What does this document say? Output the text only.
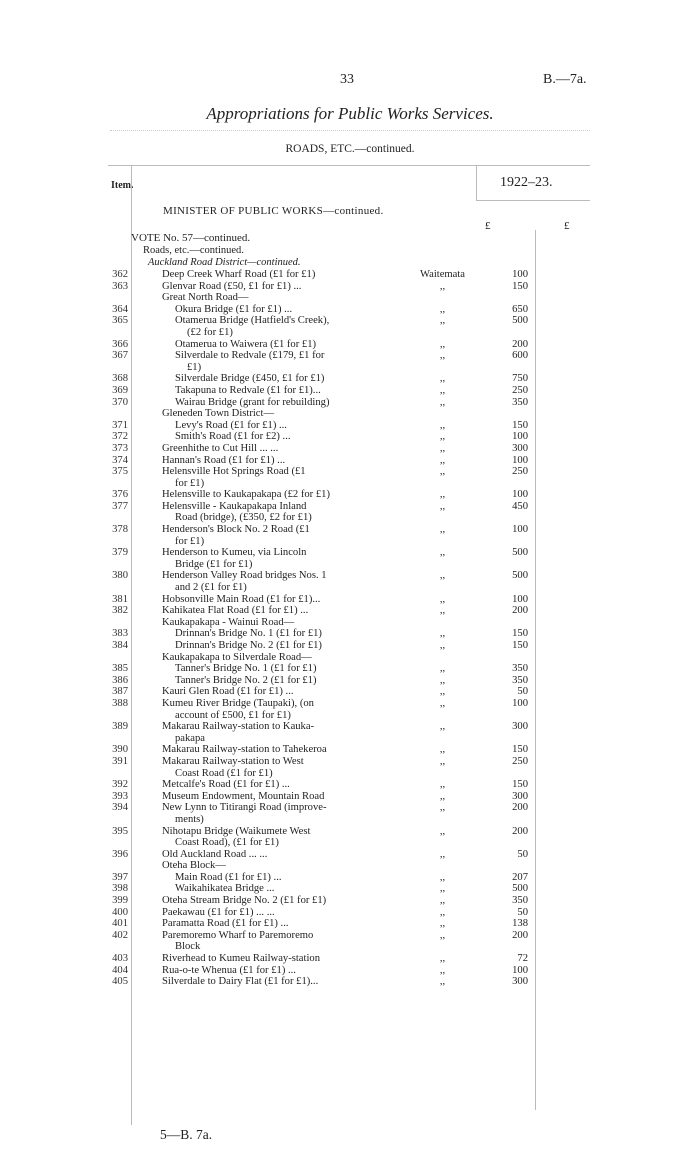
33	B.—7a.
Appropriations for Public Works Services.
ROADS, ETC.—continued.
Item.	1922–23.
£	£
MINISTER OF PUBLIC WORKS—continued.
VOTE No. 57—continued.
Roads, etc.—continued.
Auckland Road District—continued.
362	Deep Creek Wharf Road (£1 for £1)	Waitemata	100
363	Glenvar Road (£50, £1 for £1) ...	,,	150
Great North Road—
364	Okura Bridge (£1 for £1) ...	,,	650
365	Otamerua Bridge (Hatfield's Creek),	,,	500
(£2 for £1)
366	Otamerua to Waiwera (£1 for £1)	,,	200
367	Silverdale to Redvale (£179, £1 for	,,	600
£1)
368	Silverdale Bridge (£450, £1 for £1)	,,	750
369	Takapuna to Redvale (£1 for £1)...	,,	250
370	Wairau Bridge (grant for rebuilding)	,,	350
Gleneden Town District—
371	Levy's Road (£1 for £1) ...	,,	150
372	Smith's Road (£1 for £2) ...	,,	100
373	Greenhithe to Cut Hill ... ...	,,	300
374	Hannan's Road (£1 for £1) ...	,,	100
375	Helensville Hot Springs Road (£1	,,	250
for £1)
376	Helensville to Kaukapakapa (£2 for £1)	,,	100
377	Helensville - Kaukapakapa Inland	,,	450
Road (bridge), (£350, £2 for £1)
378	Henderson's Block No. 2 Road (£1	,,	100
for £1)
379	Henderson to Kumeu, via Lincoln	,,	500
Bridge (£1 for £1)
380	Henderson Valley Road bridges Nos. 1	,,	500
and 2 (£1 for £1)
381	Hobsonville Main Road (£1 for £1)...	,,	100
382	Kahikatea Flat Road (£1 for £1) ...	,,	200
Kaukapakapa - Wainui Road—
383	Drinnan's Bridge No. 1 (£1 for £1)	,,	150
384	Drinnan's Bridge No. 2 (£1 for £1)	,,	150
Kaukapakapa to Silverdale Road—
385	Tanner's Bridge No. 1 (£1 for £1)	,,	350
386	Tanner's Bridge No. 2 (£1 for £1)	,,	350
387	Kauri Glen Road (£1 for £1) ...	,,	50
388	Kumeu River Bridge (Taupaki), (on	,,	100
account of £500, £1 for £1)
389	Makarau Railway-station to Kauka-	,,	300
pakapa
390	Makarau Railway-station to Tahekeroa	,,	150
391	Makarau Railway-station to West	,,	250
Coast Road (£1 for £1)
392	Metcalfe's Road (£1 for £1) ...	,,	150
393	Museum Endowment, Mountain Road	,,	300
394	New Lynn to Titirangi Road (improve-	,,	200
ments)
395	Nihotapu Bridge (Waikumete West	,,	200
Coast Road), (£1 for £1)
396	Old Auckland Road ... ...	,,	50
Oteha Block—
397	Main Road (£1 for £1) ...	,,	207
398	Waikahikatea Bridge ...	,,	500
399	Oteha Stream Bridge No. 2 (£1 for £1)	,,	350
400	Paekawau (£1 for £1) ... ...	,,	50
401	Paramatta Road (£1 for £1) ...	,,	138
402	Paremoremo Wharf to Paremoremo	,,	200
Block
403	Riverhead to Kumeu Railway-station	,,	72
404	Rua-o-te Whenua (£1 for £1) ...	,,	100
405	Silverdale to Dairy Flat (£1 for £1)...	,,	300
5—B. 7a.
